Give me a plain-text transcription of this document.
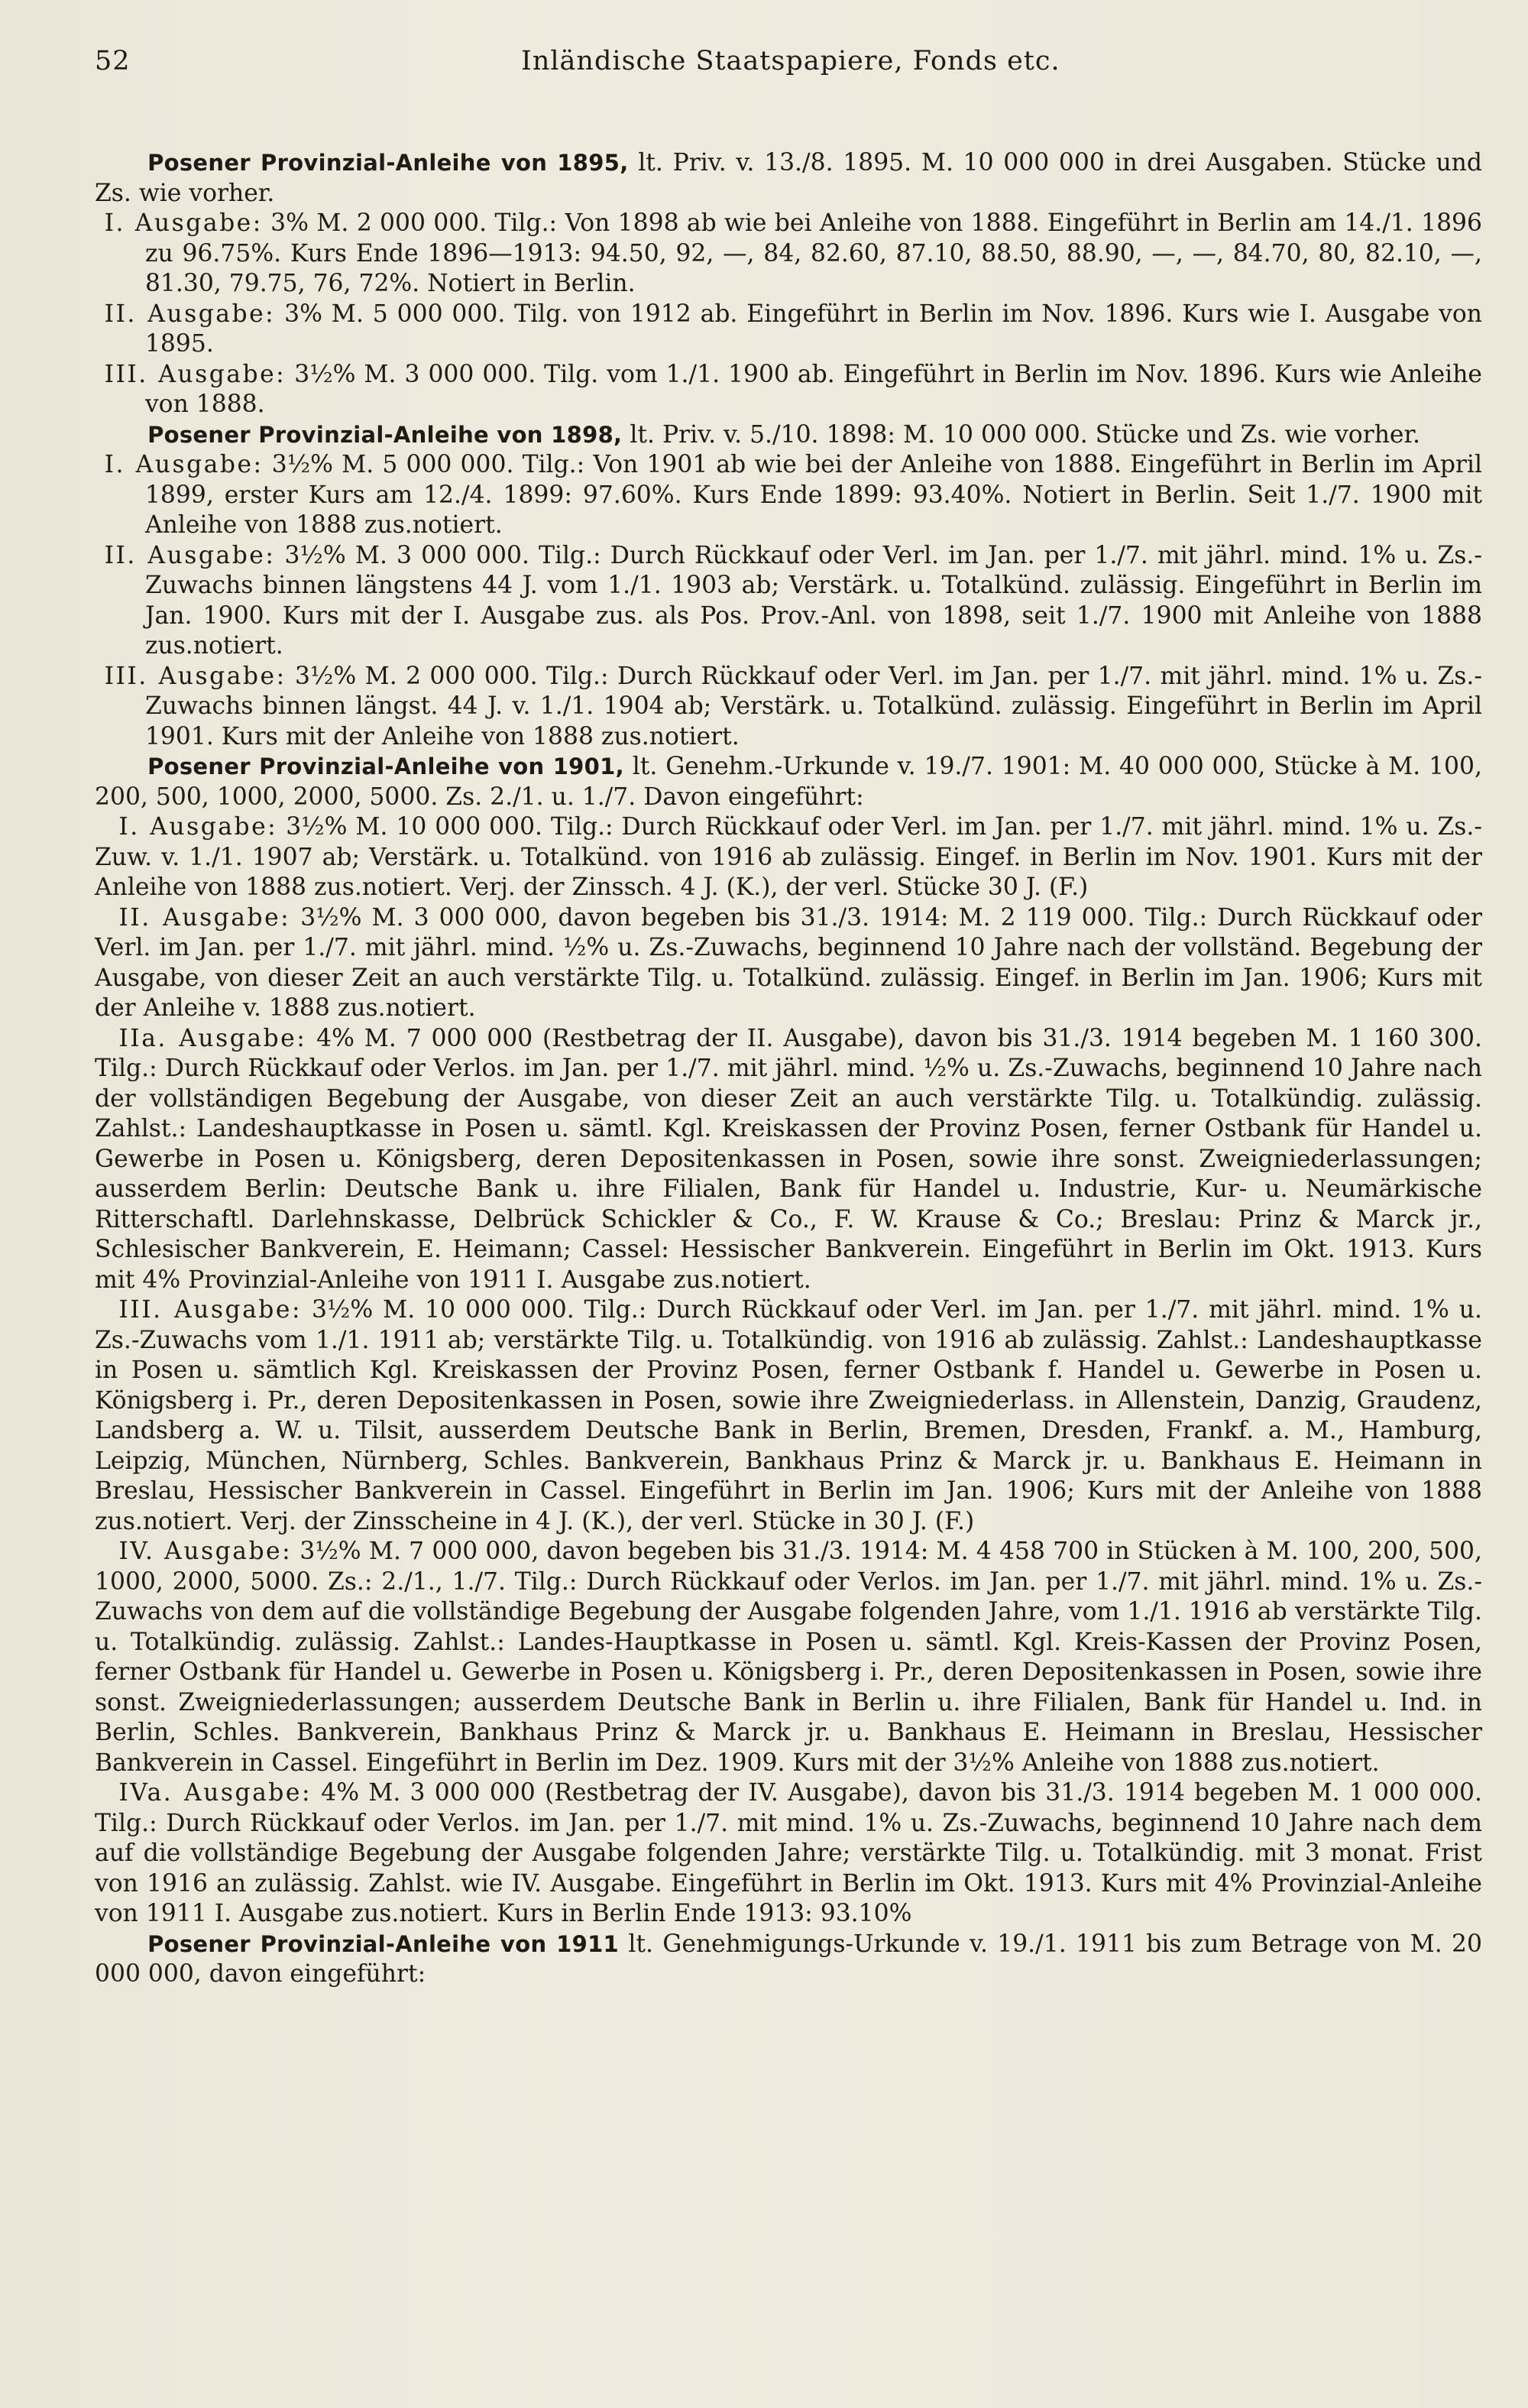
52	Inländische Staatspapiere, Fonds etc.

Posener Provinzial-Anleihe von 1895, lt. Priv. v. 13./8. 1895. M. 10 000 000 in drei Ausgaben. Stücke und Zs. wie vorher.

I. Ausgabe: 3% M. 2 000 000. Tilg.: Von 1898 ab wie bei Anleihe von 1888. Eingeführt in Berlin am 14./1. 1896 zu 96.75%. Kurs Ende 1896—1913: 94.50, 92, —, 84, 82.60, 87.10, 88.50, 88.90, —, —, 84.70, 80, 82.10, —, 81.30, 79.75, 76, 72%. Notiert in Berlin.

II. Ausgabe: 3% M. 5 000 000. Tilg. von 1912 ab. Eingeführt in Berlin im Nov. 1896. Kurs wie I. Ausgabe von 1895.

III. Ausgabe: 3½% M. 3 000 000. Tilg. vom 1./1. 1900 ab. Eingeführt in Berlin im Nov. 1896. Kurs wie Anleihe von 1888.

Posener Provinzial-Anleihe von 1898, lt. Priv. v. 5./10. 1898: M. 10 000 000. Stücke und Zs. wie vorher.

I. Ausgabe: 3½% M. 5 000 000. Tilg.: Von 1901 ab wie bei der Anleihe von 1888. Eingeführt in Berlin im April 1899, erster Kurs am 12./4. 1899: 97.60%. Kurs Ende 1899: 93.40%. Notiert in Berlin. Seit 1./7. 1900 mit Anleihe von 1888 zus.notiert.

II. Ausgabe: 3½% M. 3 000 000. Tilg.: Durch Rückkauf oder Verl. im Jan. per 1./7. mit jährl. mind. 1% u. Zs.-Zuwachs binnen längstens 44 J. vom 1./1. 1903 ab; Verstärk. u. Totalkünd. zulässig. Eingeführt in Berlin im Jan. 1900. Kurs mit der I. Ausgabe zus. als Pos. Prov.-Anl. von 1898, seit 1./7. 1900 mit Anleihe von 1888 zus.notiert.

III. Ausgabe: 3½% M. 2 000 000. Tilg.: Durch Rückkauf oder Verl. im Jan. per 1./7. mit jährl. mind. 1% u. Zs.-Zuwachs binnen längst. 44 J. v. 1./1. 1904 ab; Verstärk. u. Totalkünd. zulässig. Eingeführt in Berlin im April 1901. Kurs mit der Anleihe von 1888 zus.notiert.

Posener Provinzial-Anleihe von 1901, lt. Genehm.-Urkunde v. 19./7. 1901: M. 40 000 000, Stücke à M. 100, 200, 500, 1000, 2000, 5000. Zs. 2./1. u. 1./7. Davon eingeführt:

I. Ausgabe: 3½% M. 10 000 000. Tilg.: Durch Rückkauf oder Verl. im Jan. per 1./7. mit jährl. mind. 1% u. Zs.-Zuw. v. 1./1. 1907 ab; Verstärk. u. Totalkünd. von 1916 ab zulässig. Eingef. in Berlin im Nov. 1901. Kurs mit der Anleihe von 1888 zus.notiert. Verj. der Zinssch. 4 J. (K.), der verl. Stücke 30 J. (F.)

II. Ausgabe: 3½% M. 3 000 000, davon begeben bis 31./3. 1914: M. 2 119 000. Tilg.: Durch Rückkauf oder Verl. im Jan. per 1./7. mit jährl. mind. ½% u. Zs.-Zuwachs, beginnend 10 Jahre nach der vollständ. Begebung der Ausgabe, von dieser Zeit an auch verstärkte Tilg. u. Totalkünd. zulässig. Eingef. in Berlin im Jan. 1906; Kurs mit der Anleihe v. 1888 zus.notiert.

IIa. Ausgabe: 4% M. 7 000 000 (Restbetrag der II. Ausgabe), davon bis 31./3. 1914 begeben M. 1 160 300. Tilg.: Durch Rückkauf oder Verlos. im Jan. per 1./7. mit jährl. mind. ½% u. Zs.-Zuwachs, beginnend 10 Jahre nach der vollständigen Begebung der Ausgabe, von dieser Zeit an auch verstärkte Tilg. u. Totalkündig. zulässig. Zahlst.: Landeshauptkasse in Posen u. sämtl. Kgl. Kreiskassen der Provinz Posen, ferner Ostbank für Handel u. Gewerbe in Posen u. Königsberg, deren Depositenkassen in Posen, sowie ihre sonst. Zweigniederlassungen; ausserdem Berlin: Deutsche Bank u. ihre Filialen, Bank für Handel u. Industrie, Kur- u. Neumärkische Ritterschaftl. Darlehnskasse, Delbrück Schickler & Co., F. W. Krause & Co.; Breslau: Prinz & Marck jr., Schlesischer Bankverein, E. Heimann; Cassel: Hessischer Bankverein. Eingeführt in Berlin im Okt. 1913. Kurs mit 4% Provinzial-Anleihe von 1911 I. Ausgabe zus.notiert.

III. Ausgabe: 3½% M. 10 000 000. Tilg.: Durch Rückkauf oder Verl. im Jan. per 1./7. mit jährl. mind. 1% u. Zs.-Zuwachs vom 1./1. 1911 ab; verstärkte Tilg. u. Totalkündig. von 1916 ab zulässig. Zahlst.: Landeshauptkasse in Posen u. sämtlich Kgl. Kreiskassen der Provinz Posen, ferner Ostbank f. Handel u. Gewerbe in Posen u. Königsberg i. Pr., deren Depositenkassen in Posen, sowie ihre Zweigniederlass. in Allenstein, Danzig, Graudenz, Landsberg a. W. u. Tilsit, ausserdem Deutsche Bank in Berlin, Bremen, Dresden, Frankf. a. M., Hamburg, Leipzig, München, Nürnberg, Schles. Bankverein, Bankhaus Prinz & Marck jr. u. Bankhaus E. Heimann in Breslau, Hessischer Bankverein in Cassel. Eingeführt in Berlin im Jan. 1906; Kurs mit der Anleihe von 1888 zus.notiert. Verj. der Zinsscheine in 4 J. (K.), der verl. Stücke in 30 J. (F.)

IV. Ausgabe: 3½% M. 7 000 000, davon begeben bis 31./3. 1914: M. 4 458 700 in Stücken à M. 100, 200, 500, 1000, 2000, 5000. Zs.: 2./1., 1./7. Tilg.: Durch Rückkauf oder Verlos. im Jan. per 1./7. mit jährl. mind. 1% u. Zs.-Zuwachs von dem auf die vollständige Begebung der Ausgabe folgenden Jahre, vom 1./1. 1916 ab verstärkte Tilg. u. Totalkündig. zulässig. Zahlst.: Landes-Hauptkasse in Posen u. sämtl. Kgl. Kreis-Kassen der Provinz Posen, ferner Ostbank für Handel u. Gewerbe in Posen u. Königsberg i. Pr., deren Depositenkassen in Posen, sowie ihre sonst. Zweigniederlassungen; ausserdem Deutsche Bank in Berlin u. ihre Filialen, Bank für Handel u. Ind. in Berlin, Schles. Bankverein, Bankhaus Prinz & Marck jr. u. Bankhaus E. Heimann in Breslau, Hessischer Bankverein in Cassel. Eingeführt in Berlin im Dez. 1909. Kurs mit der 3½% Anleihe von 1888 zus.notiert.

IVa. Ausgabe: 4% M. 3 000 000 (Restbetrag der IV. Ausgabe), davon bis 31./3. 1914 begeben M. 1 000 000. Tilg.: Durch Rückkauf oder Verlos. im Jan. per 1./7. mit mind. 1% u. Zs.-Zuwachs, beginnend 10 Jahre nach dem auf die vollständige Begebung der Ausgabe folgenden Jahre; verstärkte Tilg. u. Totalkündig. mit 3 monat. Frist von 1916 an zulässig. Zahlst. wie IV. Ausgabe. Eingeführt in Berlin im Okt. 1913. Kurs mit 4% Provinzial-Anleihe von 1911 I. Ausgabe zus.notiert. Kurs in Berlin Ende 1913: 93.10%

Posener Provinzial-Anleihe von 1911 lt. Genehmigungs-Urkunde v. 19./1. 1911 bis zum Betrage von M. 20 000 000, davon eingeführt:
